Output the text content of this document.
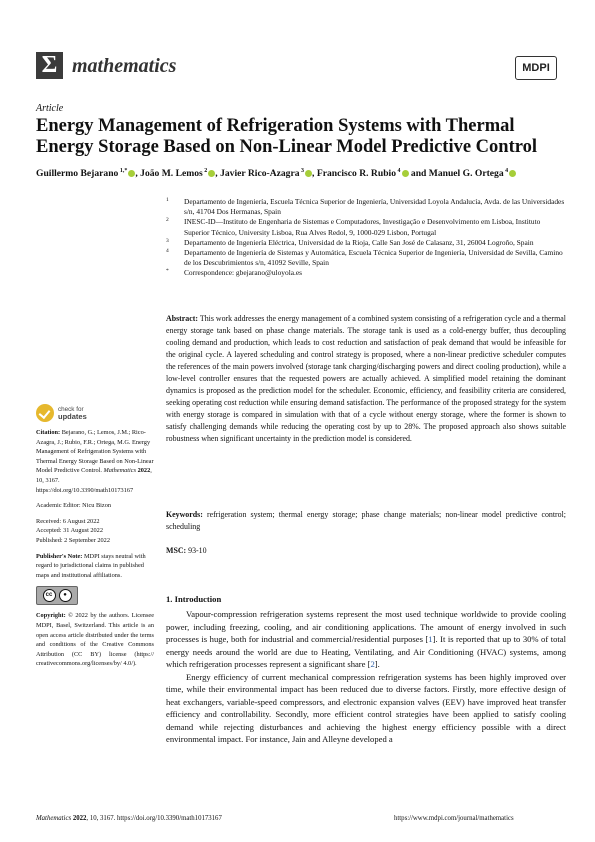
Σ mathematics	MDPI
Article
Energy Management of Refrigeration Systems with Thermal Energy Storage Based on Non-Linear Model Predictive Control
Guillermo Bejarano $^{1,*}$ , João M. Lemos $^2$ , Javier Rico-Azagra $^3$ , Francisco R. Rubio $^4$ and Manuel G. Ortega $^4$
1 Departamento de Ingeniería, Escuela Técnica Superior de Ingeniería, Universidad Loyola Andalucía, Avda. de las Universidades s/n, 41704 Dos Hermanas, Spain
2 INESC-ID—Instituto de Engenharia de Sistemas e Computadores, Investigação e Desenvolvimento em Lisboa, Instituto Superior Técnico, University Lisboa, Rua Alves Redol, 9, 1000-029 Lisbon, Portugal
3 Departamento de Ingeniería Eléctrica, Universidad de la Rioja, Calle San José de Calasanz, 31, 26004 Logroño, Spain
4 Departamento de Ingeniería de Sistemas y Automática, Escuela Técnica Superior de Ingeniería, Universidad de Sevilla, Camino de los Descubrimientos s/n, 41092 Seville, Spain
* Correspondence: gbejarano@uloyola.es
Abstract: This work addresses the energy management of a combined system consisting of a refrigeration cycle and a thermal energy storage tank based on phase change materials. The storage tank is used as a cold-energy buffer, thus decoupling cooling demand and production, which leads to cost reduction and satisfaction of peak demand that would be infeasible for the original cycle. A layered scheduling and control strategy is proposed, where a non-linear predictive scheduler computes the references of the main powers involved (storage tank charging/discharging powers and direct cooling production), while a low-level controller ensures that the requested powers are actually achieved. A simplified model retaining the dominant dynamics is proposed as the prediction model for the scheduler. Economic, efficiency, and feasibility criteria are considered, seeking operating cost reduction while ensuring demand satisfaction. The performance of the proposed strategy for the system with energy storage is compared in simulation with that of a cycle without energy storage, where the former is shown to satisfy challenging demands while reducing the operating cost by up to 28%. The proposed approach also shows suitable robustness when significant uncertainty in the prediction model is considered.
Keywords: refrigeration system; thermal energy storage; phase change materials; non-linear model predictive control; scheduling
MSC: 93-10
1. Introduction

Vapour-compression refrigeration systems represent the most used technique worldwide to provide cooling power, including freezing, cooling, and air conditioning applications. The amount of energy involved in such processes is huge, both for industrial and commercial/residential purposes [1]. It is reported that up to 30% of total energy needs around the world are due to Heating, Ventilating, and Air Conditioning (HVAC) systems, among which refrigeration processes represent a significant share [2].

Energy efficiency of current mechanical compression refrigeration systems has been highly improved over time, while their environmental impact has been reduced due to diverse factors. Firstly, more effective design of heat exchangers, variable-speed compressors, and electronic expansion valves (EEV) have improved heat transfer efficiency and controllability. Secondly, more efficient control strategies have been applied to satisfy cooling demand while rejecting disturbances and achieving the highest energy efficiency possible with a direct environmental impact. For instance, Jain and Alleyne developed a

check for
updates
Citation: Bejarano, G.; Lemos, J.M.; Rico-Azagra, J.; Rubio, F.R.; Ortega, M.G. Energy Management of Refrigeration Systems with Thermal Energy Storage Based on Non-Linear Model Predictive Control. Mathematics 2022, 10, 3167. https://doi.org/10.3390/math10173167
Academic Editor: Nicu Bizon
Received: 6 August 2022
Accepted: 31 August 2022
Published: 2 September 2022
Publisher's Note: MDPI stays neutral with regard to jurisdictional claims in published maps and institutional affiliations.
cc	●
Copyright: © 2022 by the authors. Licensee MDPI, Basel, Switzerland. This article is an open access article distributed under the terms and conditions of the Creative Commons Attribution (CC BY) license (https:// creativecommons.org/licenses/by/ 4.0/).
Mathematics 2022, 10, 3167. https://doi.org/10.3390/math10173167	https://www.mdpi.com/journal/mathematics
